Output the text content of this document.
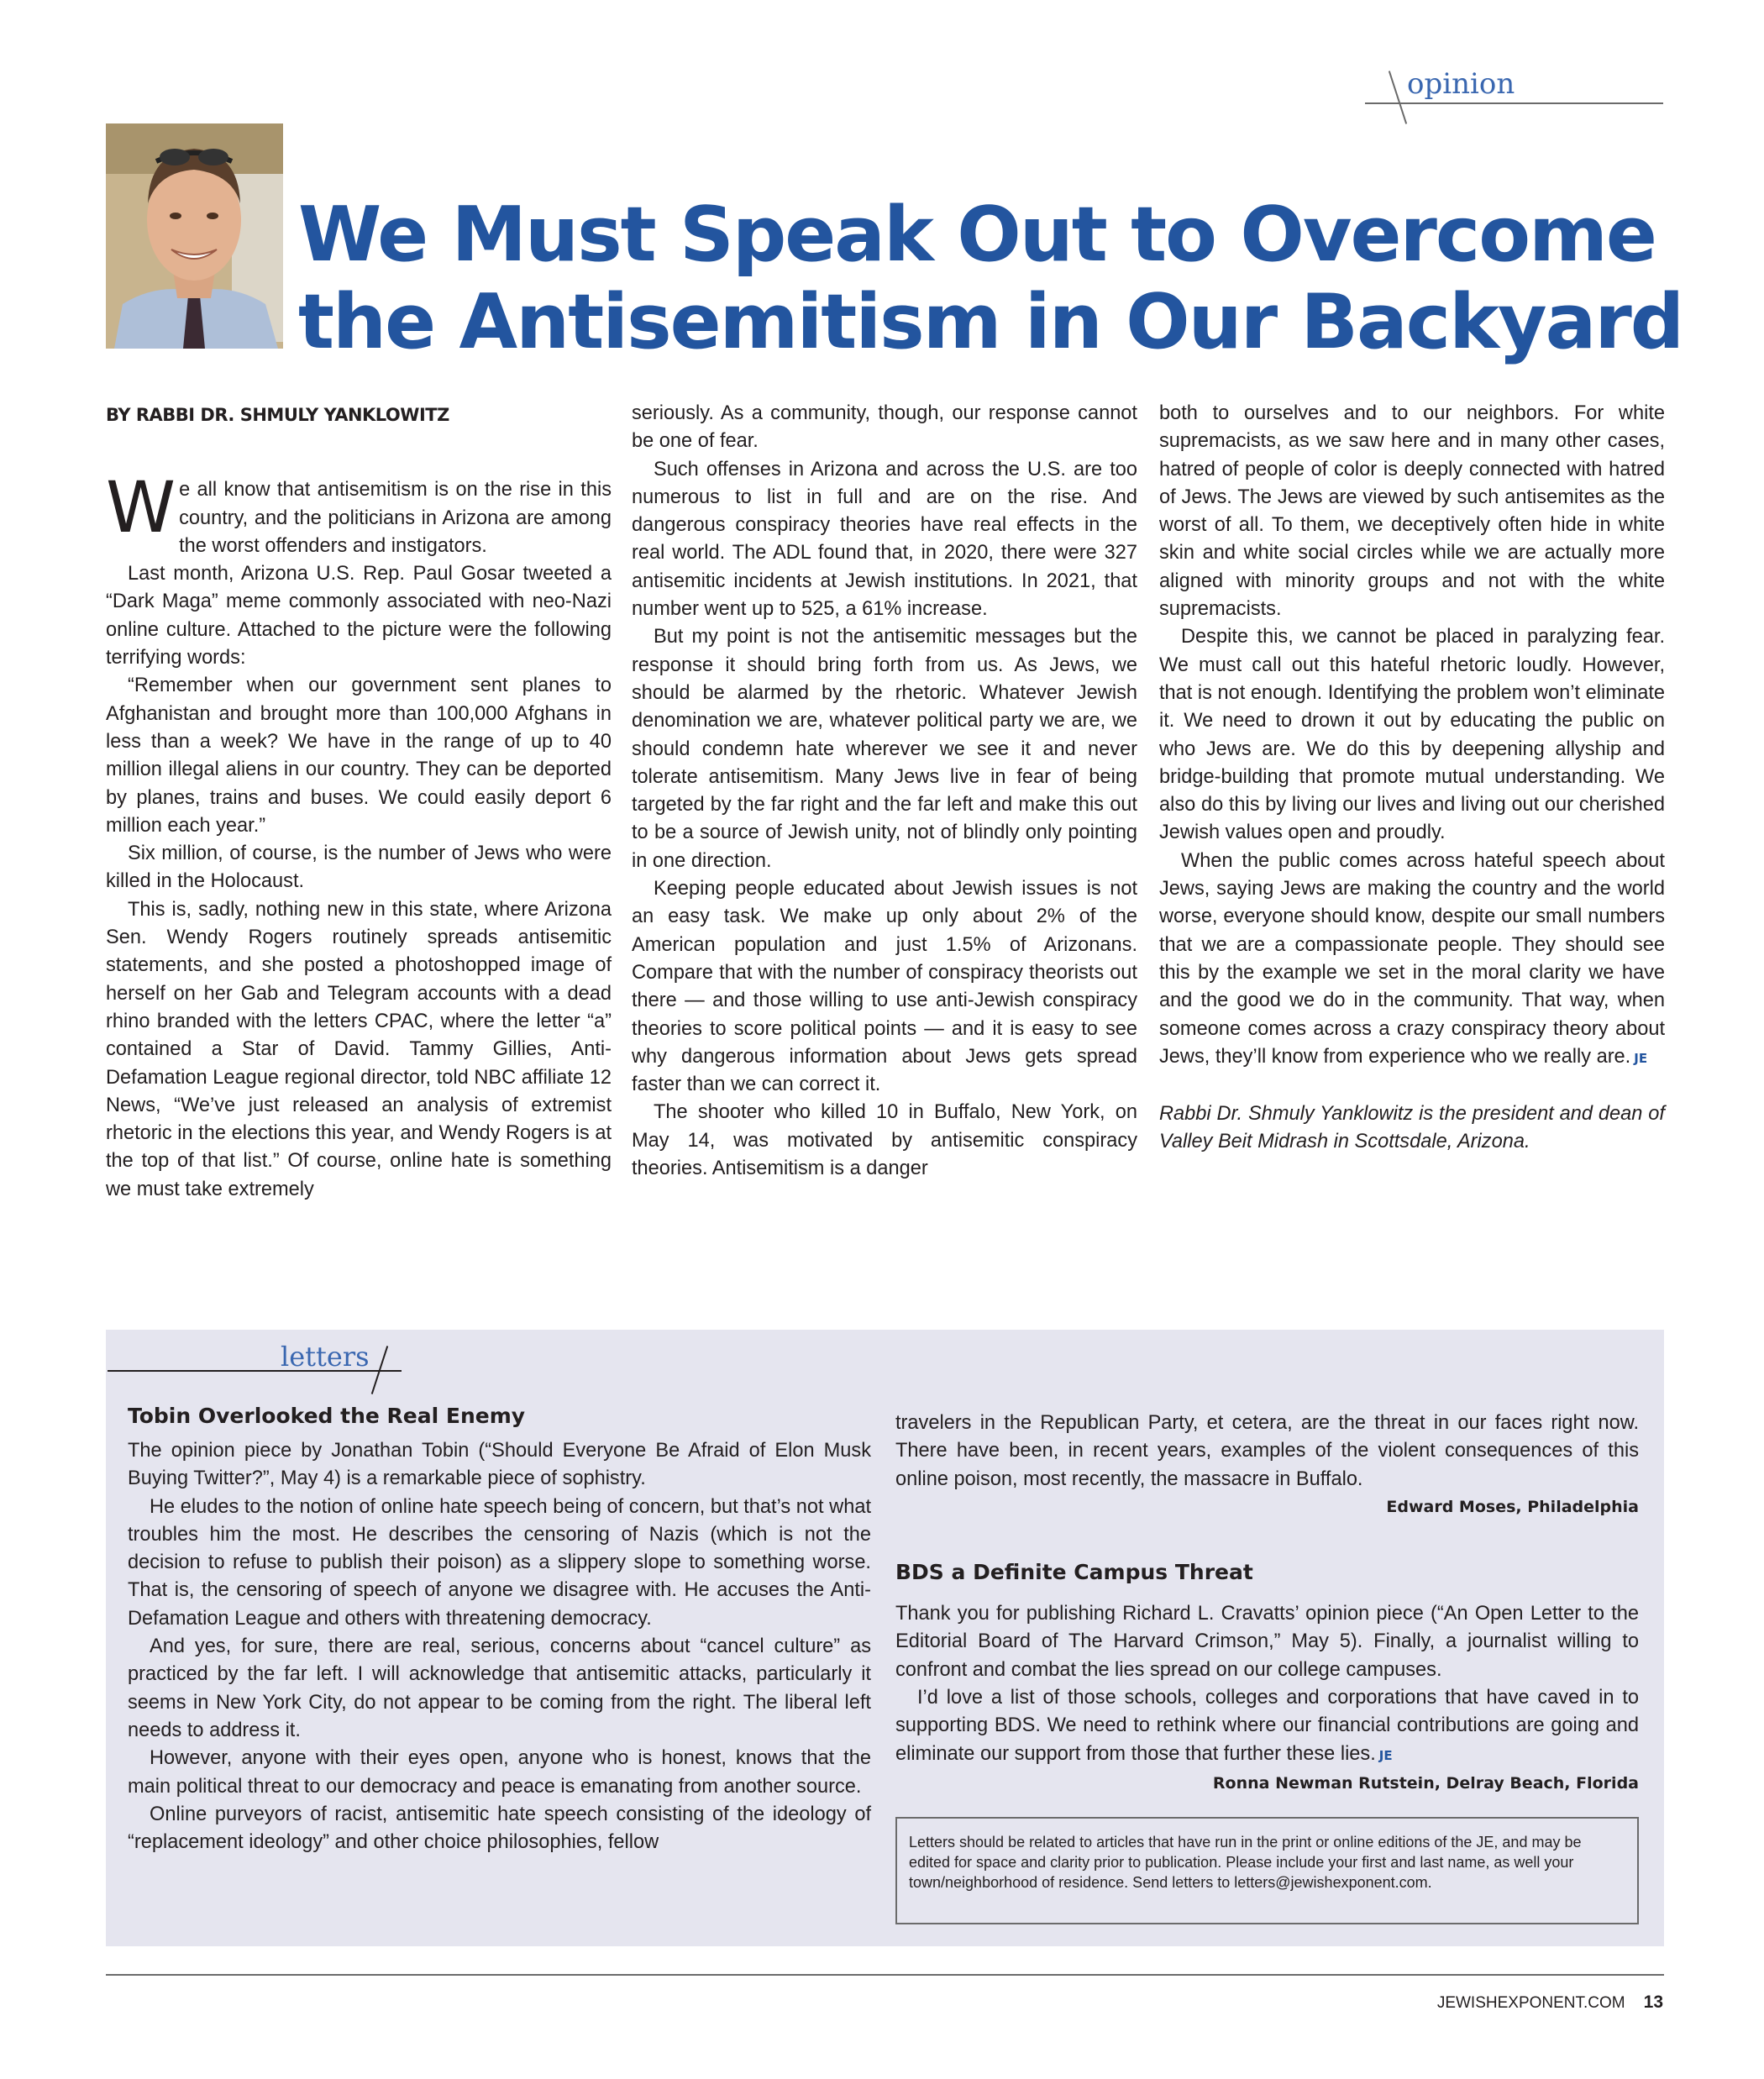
opinion
We Must Speak Out to Overcome
the Antisemitism in Our Backyard
BY RABBI DR. SHMULY YANKLOWITZ

We all know that antisemitism is on the rise in this country, and the politicians in Arizona are among the worst offenders and instigators.

Last month, Arizona U.S. Rep. Paul Gosar tweeted a “Dark Maga” meme commonly associated with neo-Nazi online culture. Attached to the picture were the following terrifying words:

“Remember when our government sent planes to Afghanistan and brought more than 100,000 Afghans in less than a week? We have in the range of up to 40 million illegal aliens in our country. They can be deported by planes, trains and buses. We could easily deport 6 million each year.”

Six million, of course, is the number of Jews who were killed in the Holocaust.

This is, sadly, nothing new in this state, where Arizona Sen. Wendy Rogers routinely spreads antisemitic statements, and she posted a photoshopped image of herself on her Gab and Telegram accounts with a dead rhino branded with the letters CPAC, where the letter “a” contained a Star of David. Tammy Gillies, Anti-Defamation League regional director, told NBC affiliate 12 News, “We’ve just released an analysis of extremist rhetoric in the elections this year, and Wendy Rogers is at the top of that list.” Of course, online hate is something we must take extremely

seriously. As a community, though, our response cannot be one of fear.

Such offenses in Arizona and across the U.S. are too numerous to list in full and are on the rise. And dangerous conspiracy theories have real effects in the real world. The ADL found that, in 2020, there were 327 antisemitic incidents at Jewish institutions. In 2021, that number went up to 525, a 61% increase.

But my point is not the antisemitic messages but the response it should bring forth from us. As Jews, we should be alarmed by the rhetoric. Whatever Jewish denomination we are, whatever political party we are, we should condemn hate wherever we see it and never tolerate antisemitism. Many Jews live in fear of being targeted by the far right and the far left and make this out to be a source of Jewish unity, not of blindly only pointing in one direction.

Keeping people educated about Jewish issues is not an easy task. We make up only about 2% of the American population and just 1.5% of Arizonans. Compare that with the number of conspiracy theorists out there — and those willing to use anti-Jewish conspiracy theories to score political points — and it is easy to see why dangerous information about Jews gets spread faster than we can correct it.

The shooter who killed 10 in Buffalo, New York, on May 14, was motivated by antisemitic conspiracy theories. Antisemitism is a danger

both to ourselves and to our neighbors. For white supremacists, as we saw here and in many other cases, hatred of people of color is deeply connected with hatred of Jews. The Jews are viewed by such antisemites as the worst of all. To them, we deceptively often hide in white skin and white social circles while we are actually more aligned with minority groups and not with the white supremacists.

Despite this, we cannot be placed in paralyzing fear. We must call out this hateful rhetoric loudly. However, that is not enough. Identifying the problem won’t eliminate it. We need to drown it out by educating the public on who Jews are. We do this by deepening allyship and bridge-building that promote mutual understanding. We also do this by living our lives and living out our cherished Jewish values open and proudly.

When the public comes across hateful speech about Jews, saying Jews are making the country and the world worse, everyone should know, despite our small numbers that we are a compassionate people. They should see this by the example we set in the moral clarity we have and the good we do in the community. That way, when someone comes across a crazy conspiracy theory about Jews, they’ll know from experience who we really are. JE

Rabbi Dr. Shmuly Yanklowitz is the president and dean of Valley Beit Midrash in Scottsdale, Arizona.

letters
Tobin Overlooked the Real Enemy

The opinion piece by Jonathan Tobin (“Should Everyone Be Afraid of Elon Musk Buying Twitter?”, May 4) is a remarkable piece of sophistry.

He eludes to the notion of online hate speech being of concern, but that’s not what troubles him the most. He describes the censoring of Nazis (which is not the decision to refuse to publish their poison) as a slippery slope to something worse. That is, the censoring of speech of anyone we disagree with. He accuses the Anti-Defamation League and others with threatening democracy.

And yes, for sure, there are real, serious, concerns about “cancel culture” as practiced by the far left. I will acknowledge that antisemitic attacks, particularly it seems in New York City, do not appear to be coming from the right. The liberal left needs to address it.

However, anyone with their eyes open, anyone who is honest, knows that the main political threat to our democracy and peace is emanating from another source.

Online purveyors of racist, antisemitic hate speech consisting of the ideology of “replacement ideology” and other choice philosophies, fellow

travelers in the Republican Party, et cetera, are the threat in our faces right now. There have been, in recent years, examples of the violent consequences of this online poison, most recently, the massacre in Buffalo.

Edward Moses, Philadelphia

BDS a Definite Campus Threat

Thank you for publishing Richard L. Cravatts’ opinion piece (“An Open Letter to the Editorial Board of The Harvard Crimson,” May 5). Finally, a journalist willing to confront and combat the lies spread on our college campuses.

I’d love a list of those schools, colleges and corporations that have caved in to supporting BDS. We need to rethink where our financial contributions are going and eliminate our support from those that further these lies. JE

Ronna Newman Rutstein, Delray Beach, Florida

Letters should be related to articles that have run in the print or online editions of the JE, and may be edited for space and clarity prior to publication. Please include your first and last name, as well your town/neighborhood of residence. Send letters to letters@jewishexponent.com.
JEWISHEXPONENT.COM 13
